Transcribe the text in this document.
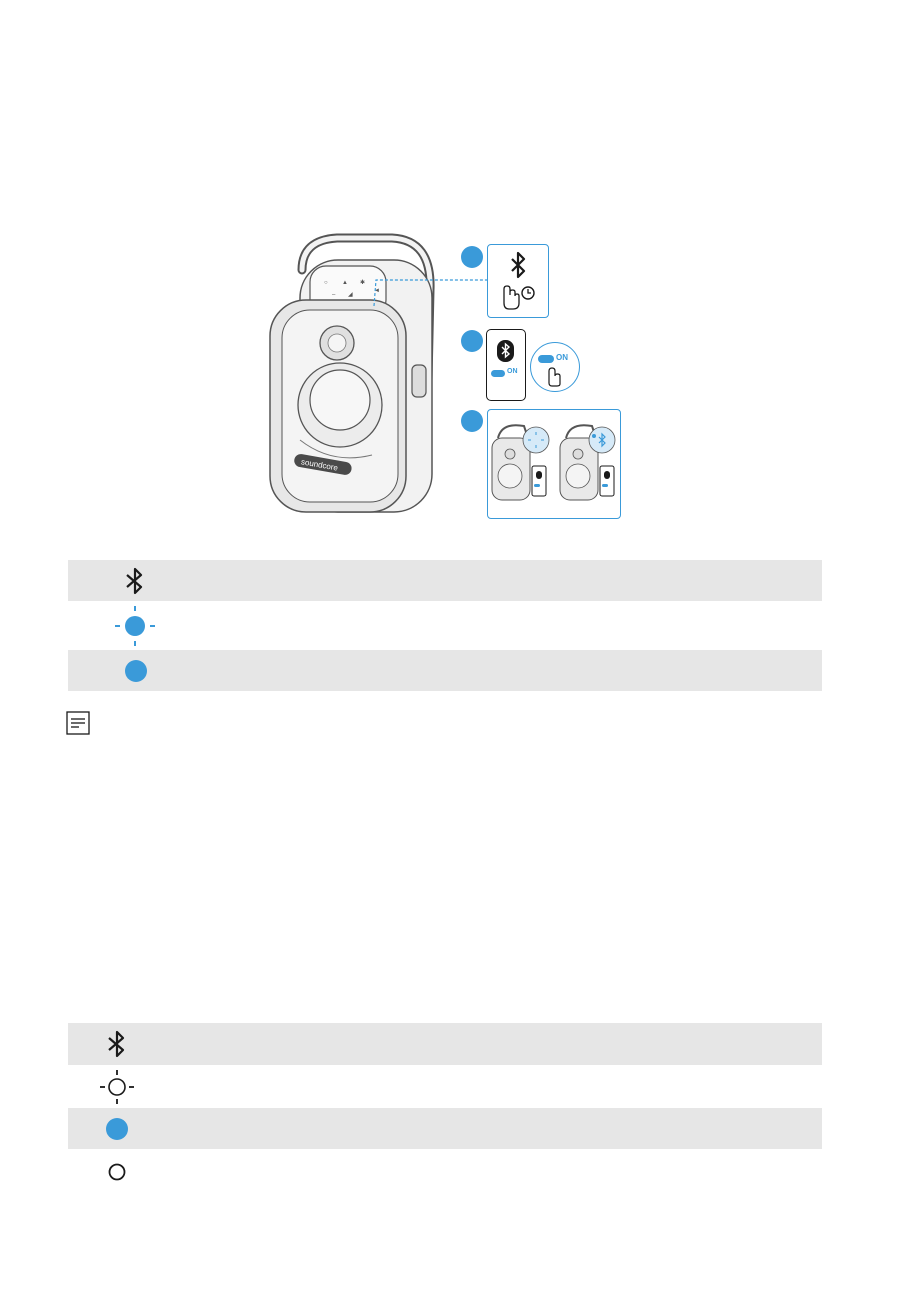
○ ▲ ✱
◄
– ◢
soundcore
ON
ON
